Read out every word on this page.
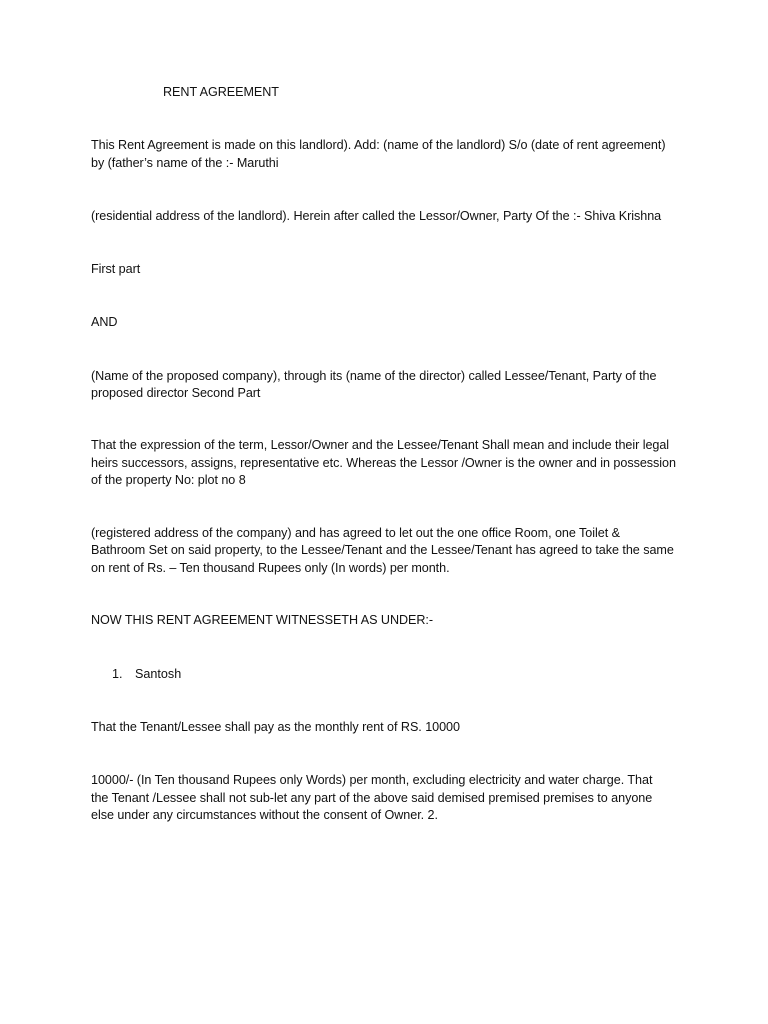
RENT AGREEMENT
This Rent Agreement is made on this landlord). Add: (name of the landlord) S/o (date of rent agreement)
by (father’s name of the :- Maruthi
(residential address of the landlord). Herein after called the Lessor/Owner, Party Of the :- Shiva Krishna
First part
AND
(Name of the proposed company), through its (name of the director) called Lessee/Tenant, Party of the
proposed director Second Part
That the expression of the term, Lessor/Owner and the Lessee/Tenant Shall mean and include their legal
heirs successors, assigns, representative etc. Whereas the Lessor /Owner is the owner and in possession
of the property No: plot no 8
(registered address of the company) and has agreed to let out the one office Room, one Toilet &
Bathroom Set on said property, to the Lessee/Tenant and the Lessee/Tenant has agreed to take the same
on rent of Rs. – Ten thousand Rupees only (In words) per month.
NOW THIS RENT AGREEMENT WITNESSETH AS UNDER:-
1. Santosh
That the Tenant/Lessee shall pay as the monthly rent of RS. 10000
10000/- (In Ten thousand Rupees only Words) per month, excluding electricity and water charge. That
the Tenant /Lessee shall not sub-let any part of the above said demised premised premises to anyone
else under any circumstances without the consent of Owner. 2.
